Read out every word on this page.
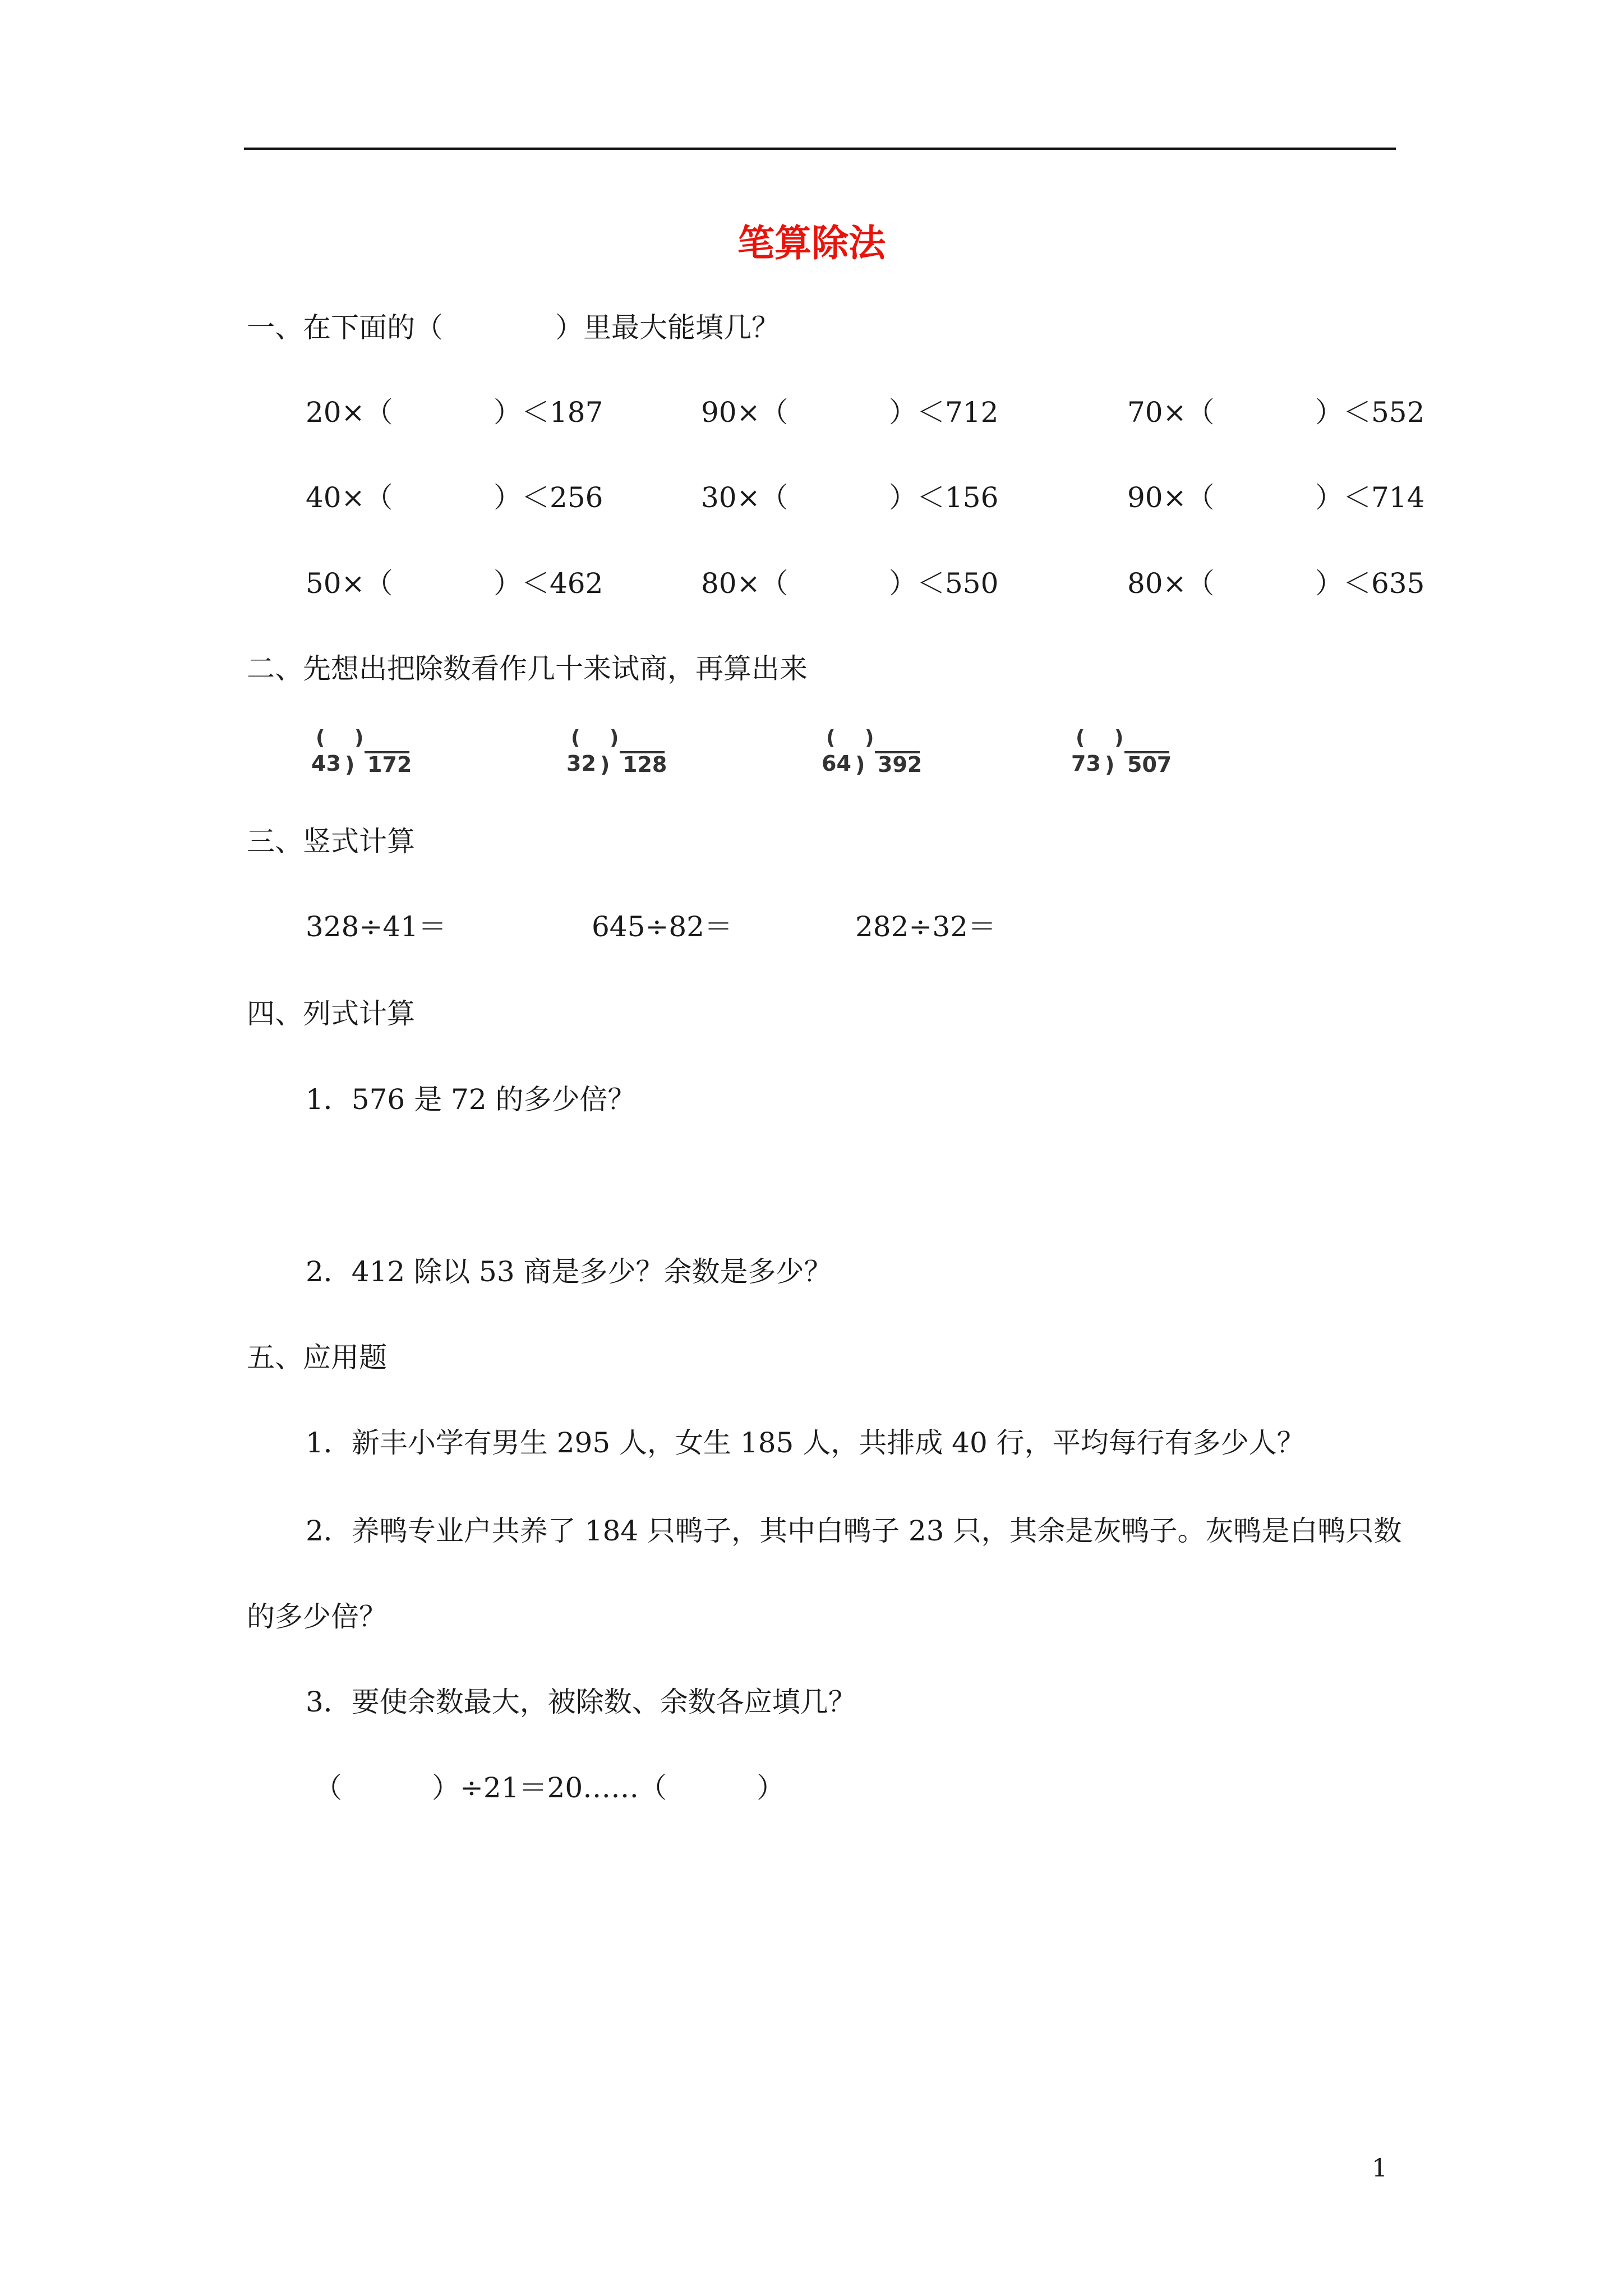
笔算除法
一、在下面的（	）里最大能填几？
20×（	）＜187	90×（	）＜712	70×（	）＜552
40×（	）＜256	30×（	）＜156	90×（	）＜714
50×（	）＜462	80×（	）＜550	80×（	）＜635
二、先想出把除数看作几十来试商，再算出来
( )
43 ) 172
( )
32 ) 128
( )
64 ) 392
( )
73 ) 507
三、竖式计算
328÷41＝	645÷82＝	282÷32＝
四、列式计算
1．576 是 72 的多少倍？
2．412 除以 53 商是多少？余数是多少？
五、应用题
1．新丰小学有男生 295 人，女生 185 人，共排成 40 行，平均每行有多少人？
2．养鸭专业户共养了 184 只鸭子，其中白鸭子 23 只，其余是灰鸭子。灰鸭是白鸭只数
的多少倍？
3．要使余数最大，被除数、余数各应填几？
（	）÷21＝20……（	）
1
